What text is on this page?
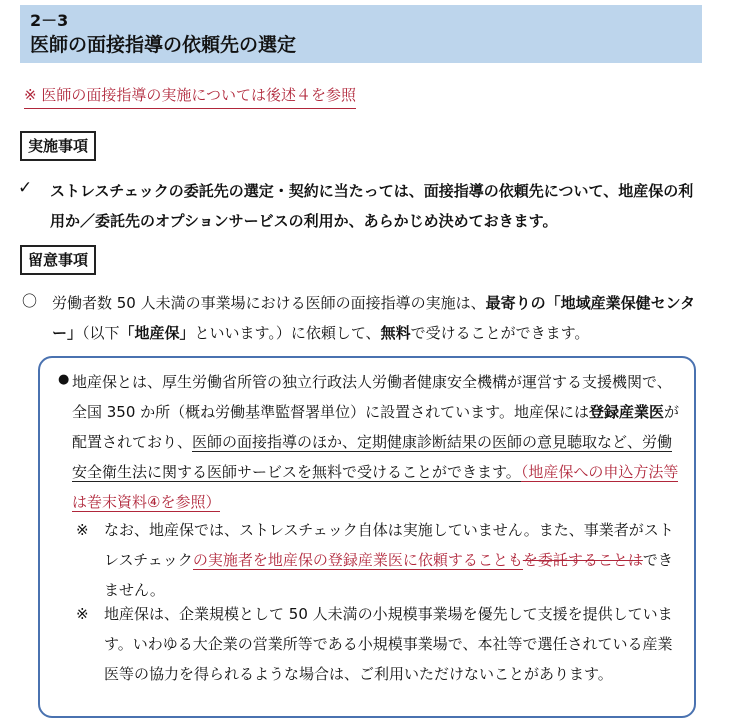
2－3
医師の面接指導の依頼先の選定
※ 医師の面接指導の実施については後述４を参照
実施事項
✓ ストレスチェックの委託先の選定・契約に当たっては、面接指導の依頼先について、地産保の利用か／委託先のオプションサービスの利用か、あらかじめ決めておきます。
留意事項
〇 労働者数 50 人未満の事業場における医師の面接指導の実施は、最寄りの「地域産業保健センター」（以下「地産保」といいます。）に依頼して、無料で受けることができます。
● 地産保とは、厚生労働省所管の独立行政法人労働者健康安全機構が運営する支援機関で、全国 350 か所（概ね労働基準監督署単位）に設置されています。地産保には登録産業医が配置されており、医師の面接指導のほか、定期健康診断結果の医師の意見聴取など、労働安全衛生法に関する医師サービスを無料で受けることができます。（地産保への申込方法等は巻末資料④を参照）
※ なお、地産保では、ストレスチェック自体は実施していません。また、事業者がストレスチェックの実施者を地産保の登録産業医に依頼することもを委託することはできません。
※ 地産保は、企業規模として 50 人未満の小規模事業場を優先して支援を提供しています。いわゆる大企業の営業所等である小規模事業場で、本社等で選任されている産業医等の協力を得られるような場合は、ご利用いただけないことがあります。
